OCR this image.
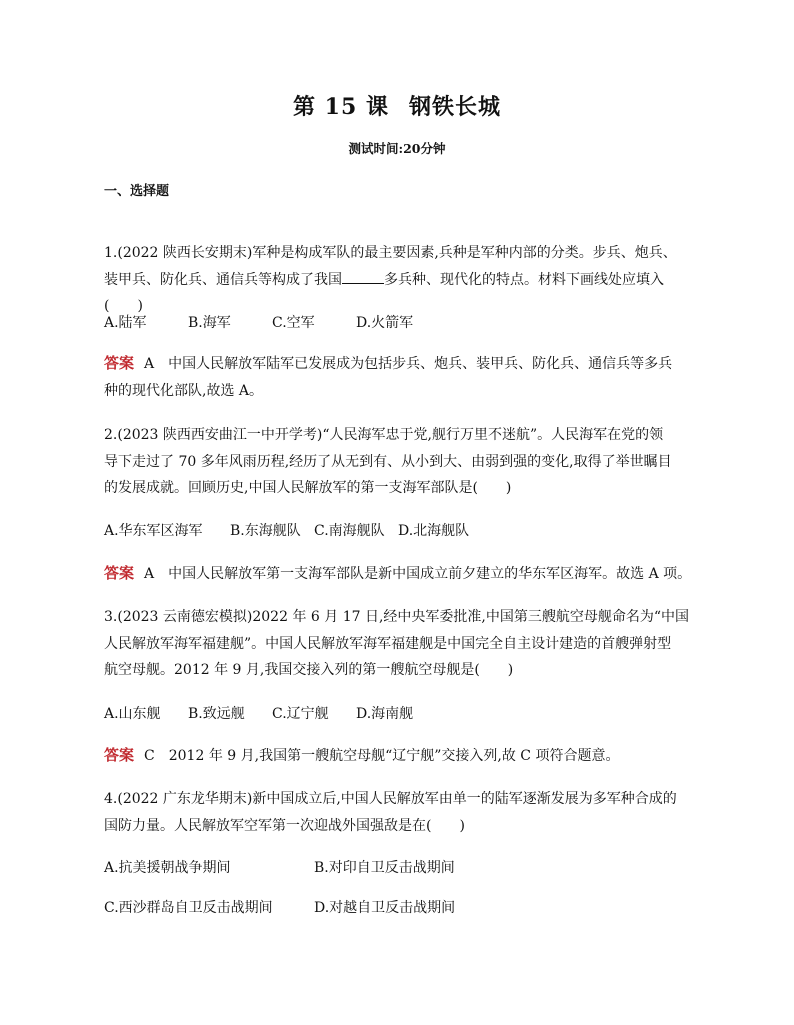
第 15 课 钢铁长城
测试时间:20分钟
一、选择题

1.(2022 陕西长安期末)军种是构成军队的最主要因素,兵种是军种内部的分类。步兵、炮兵、

装甲兵、防化兵、通信兵等构成了我国	多兵种、现代化的特点。材料下画线处应填入

(　　)

A.陆军	B.海军	C.空军	D.火箭军

答案 A 中国人民解放军陆军已发展成为包括步兵、炮兵、装甲兵、防化兵、通信兵等多兵

种的现代化部队,故选 A。

2.(2023 陕西西安曲江一中开学考)“人民海军忠于党,舰行万里不迷航”。人民海军在党的领

导下走过了 70 多年风雨历程,经历了从无到有、从小到大、由弱到强的变化,取得了举世瞩目

的发展成就。回顾历史,中国人民解放军的第一支海军部队是(　　)

A.华东军区海军 B.东海舰队 C.南海舰队 D.北海舰队

答案 A 中国人民解放军第一支海军部队是新中国成立前夕建立的华东军区海军。故选 A 项。

3.(2023 云南德宏模拟)2022 年 6 月 17 日,经中央军委批准,中国第三艘航空母舰命名为“中国

人民解放军海军福建舰”。中国人民解放军海军福建舰是中国完全自主设计建造的首艘弹射型

航空母舰。2012 年 9 月,我国交接入列的第一艘航空母舰是(　　)

A.山东舰 B.致远舰 C.辽宁舰 D.海南舰

答案 C 2012 年 9 月,我国第一艘航空母舰“辽宁舰”交接入列,故 C 项符合题意。

4.(2022 广东龙华期末)新中国成立后,中国人民解放军由单一的陆军逐渐发展为多军种合成的

国防力量。人民解放军空军第一次迎战外国强敌是在(　　)

A.抗美援朝战争期间	B.对印自卫反击战期间
C.西沙群岛自卫反击战期间	D.对越自卫反击战期间
